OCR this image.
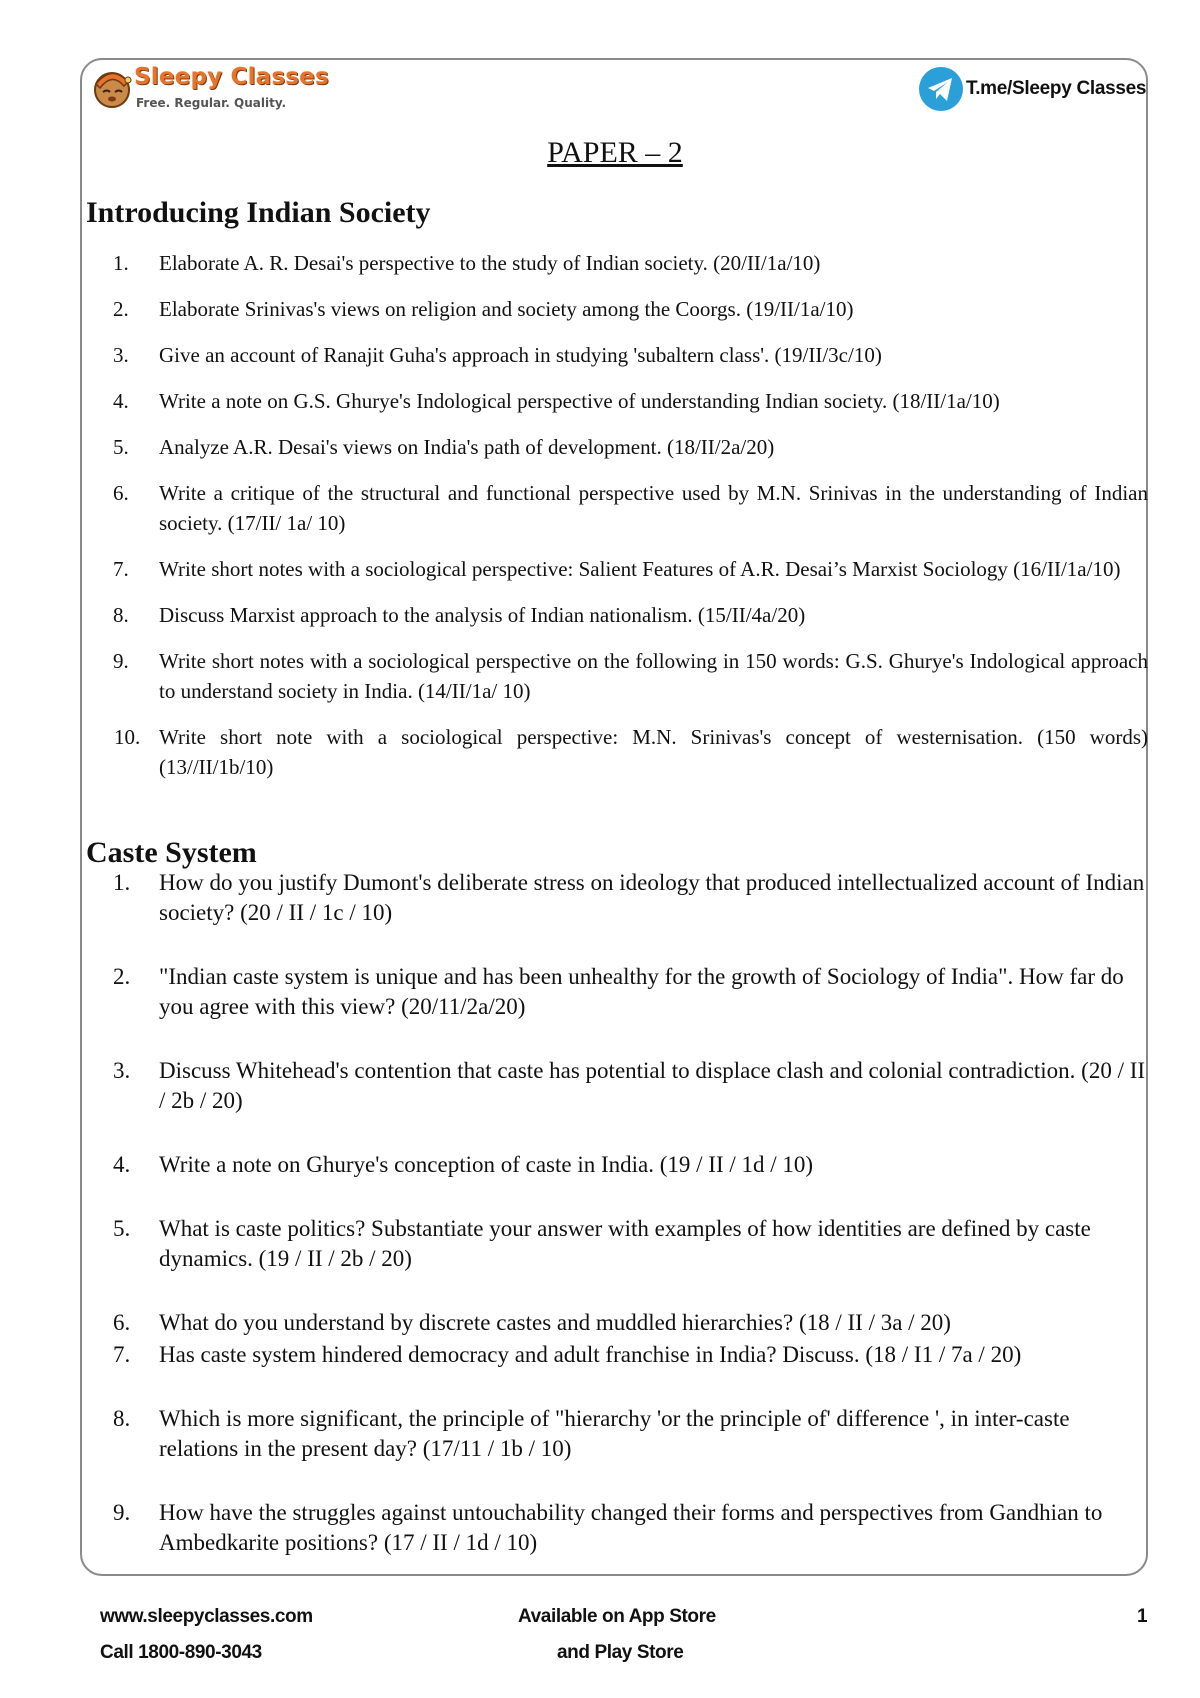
Sleepy Classes
Free. Regular. Quality.
T.me/Sleepy Classes
PAPER – 2
Introducing Indian Society
1. Elaborate A. R. Desai's perspective to the study of Indian society. (20/II/1a/10)
2. Elaborate Srinivas's views on religion and society among the Coorgs. (19/II/1a/10)
3. Give an account of Ranajit Guha's approach in studying 'subaltern class'. (19/II/3c/10)
4. Write a note on G.S. Ghurye's Indological perspective of understanding Indian society. (18/II/1a/10)
5. Analyze A.R. Desai's views on India's path of development. (18/II/2a/20)
6. Write a critique of the structural and functional perspective used by M.N. Srinivas in the understanding of Indian society. (17/II/ 1a/ 10)
7. Write short notes with a sociological perspective: Salient Features of A.R. Desai’s Marxist Sociology (16/II/1a/10)
8. Discuss Marxist approach to the analysis of Indian nationalism. (15/II/4a/20)
9. Write short notes with a sociological perspective on the following in 150 words: G.S. Ghurye's Indological approach to understand society in India. (14/II/1a/ 10)
10. Write short note with a sociological perspective: M.N. Srinivas's concept of westernisation. (150 words) (13//II/1b/10)
Caste System
1. How do you justify Dumont's deliberate stress on ideology that produced intellectualized account of Indian society? (20 / II / 1c / 10)
2. "Indian caste system is unique and has been unhealthy for the growth of Sociology of India". How far do you agree with this view? (20/11/2a/20)
3. Discuss Whitehead's contention that caste has potential to displace clash and colonial contradiction. (20 / II / 2b / 20)
4. Write a note on Ghurye's conception of caste in India. (19 / II / 1d / 10)
5. What is caste politics? Substantiate your answer with examples of how identities are defined by caste dynamics. (19 / II / 2b / 20)
6. What do you understand by discrete castes and muddled hierarchies? (18 / II / 3a / 20)
7. Has caste system hindered democracy and adult franchise in India? Discuss. (18 / I1 / 7a / 20)
8. Which is more significant, the principle of "hierarchy 'or the principle of' difference ', in inter-caste relations in the present day? (17/11 / 1b / 10)
9. How have the struggles against untouchability changed their forms and perspectives from Gandhian to Ambedkarite positions? (17 / II / 1d / 10)
www.sleepyclasses.com
Call 1800-890-3043
Available on App Store
and Play Store
1
